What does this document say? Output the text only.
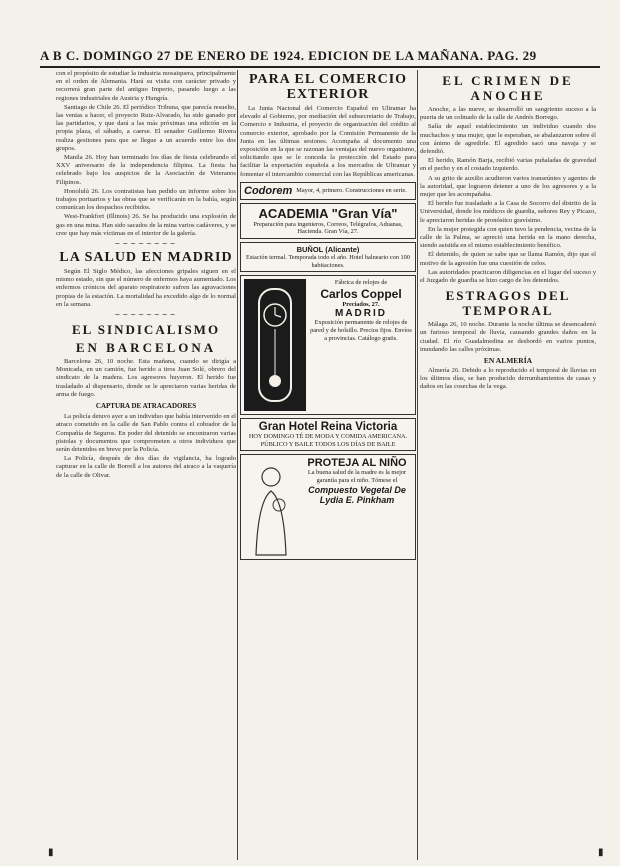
A B C. DOMINGO 27 DE ENERO DE 1924. EDICION DE LA MAÑANA. PAG. 29

con el propósito de estudiar la industria mosaiquera, principalmente en el orden de Alemania. Hará su visita con carácter privado y recorrerá gran parte del antiguo Imperio, pasando luego a las regiones industriales de Austria y Hungría.

Santiago de Chile 26. El periódico Tribuna, que parecía resuelto, las ventas a hacer, el proyecto Ruiz-Alvarado, ha sido ganado por las partidarios, y que dará a las más próximas una edición en la propia plaza, el sábado, a caerse. El senador Guillermo Rivera realiza gestiones para que se llegue a un acuerdo entre los dos grupos.

Manila 26. Hoy han terminado los días de fiesta celebrando el XXV aniversario de la independencia filipina. La fiesta ha celebrado bajo los auspicios de la Asociación de Veteranos Filipinos.

Honolulú 26. Los contratistas han pedido un informe sobre los trabajos portuarios y las obras que se verificarán en la bahía, según comunican los despachos recibidos.

West-Frankfort (Illinois) 26. Se ha producido una explosión de gas en una mina. Han sido sacados de la mina varios cadáveres, y se cree que hay más víctimas en el interior de la galería.

~~~~~~~~
LA SALUD EN MADRID

Según El Siglo Médico, las afecciones gripales siguen en el mismo estado, sin que el número de enfermos haya aumentado. Los enfermos crónicos del aparato respiratorio sufren las agravaciones propias de la estación. La mortalidad ha excedido algo de lo normal en la semana.

~~~~~~~~
EL SINDICALISMO
EN BARCELONA

Barcelona 26, 10 noche. Esta mañana, cuando se dirigía a Montcada, en un camión, fue herido a tiros Juan Solé, obrero del sindicato de la madera. Los agresores huyeron. El herido fue trasladado al dispensario, donde se le apreciaron varias heridas de arma de fuego.

CAPTURA DE ATRACADORES

La policía detuvo ayer a un individuo que había intervenido en el atraco cometido en la calle de San Pablo contra el cobrador de la Compañía de Seguros. En poder del detenido se encontraron varias pistolas y documentos que comprometen a otros individuos que serán detenidos en breve por la Policía.

La Policía, después de dos días de vigilancia, ha logrado capturar en la calle de Borrell a los autores del atraco a la vaquería de la calle de Olivar.

PARA EL COMERCIO EXTERIOR

La Junta Nacional del Comercio Español en Ultramar ha elevado al Gobierno, por mediación del subsecretario de Trabajo, Comercio e Industria, el proyecto de organización del crédito al comercio exterior, aprobado por la Comisión Permanente de la Junta en las últimas sesiones. Acompaña al documento una exposición en la que se razonan las ventajas del nuevo organismo, solicitando que se le conceda la protección del Estado para facilitar la exportación española a los mercados de Ultramar y fomentar el intercambio comercial con las Repúblicas americanas.

Codorem Mayor, 4, primero. Construcciones en serie.
ACADEMIA "Gran Vía"
Preparación para ingenieros, Correos, Telégrafos, Aduanas, Hacienda. Gran Vía, 27.
BUÑOL (Alicante)
Estación termal. Temporada todo el año. Hotel balneario con 100 habitaciones.
Fábrica de relojes de
Carlos Coppel
Preciados, 27.
MADRID
Exposición permanente de relojes de pared y de bolsillo. Precios fijos. Envíos a provincias. Catálogo gratis.
Gran Hotel Reina Victoria
HOY DOMINGO TÉ DE MODA Y COMIDA AMERICANA. PÚBLICO Y BAILE TODOS LOS DÍAS DE BAILE
PROTEJA AL NIÑO
La buena salud de la madre es la mejor garantía para el niño. Tómese el
Compuesto Vegetal De Lydia E. Pinkham
EL CRIMEN DE ANOCHE

Anoche, a las nueve, se desarrolló un sangriento suceso a la puerta de un colmado de la calle de Andrés Borrego.

Salía de aquel establecimiento un individuo cuando dos muchachos y una mujer, que le esperaban, se abalanzaron sobre él con ánimo de agredirle. El agredido sacó una navaja y se defendió.

El herido, Ramón Barja, recibió varias puñaladas de gravedad en el pecho y en el costado izquierdo.

A su grito de auxilio acudieron varios transeúntes y agentes de la autoridad, que lograron detener a uno de los agresores y a la mujer que les acompañaba.

El herido fue trasladado a la Casa de Socorro del distrito de la Universidad, donde los médicos de guardia, señores Rey y Picazo, le apreciaron heridas de pronóstico gravísimo.

En la mujer protegida con quien tuvo la pendencia, vecina de la calle de la Palma, se apreció una herida en la mano derecha, siendo asistida en el mismo establecimiento benéfico.

El detenido, de quien se sabe que se llama Ramón, dijo que el motivo de la agresión fue una cuestión de celos.

Las autoridades practicaron diligencias en el lugar del suceso y el Juzgado de guardia se hizo cargo de los detenidos.

ESTRAGOS DEL TEMPORAL

Málaga 26, 10 noche. Durante la noche última se desencadenó un furioso temporal de lluvia, causando grandes daños en la ciudad. El río Guadalmedina se desbordó en varios puntos, inundando las calles próximas.

EN ALMERÍA

Almería 26. Debido a lo reproducido el temporal de lluvias en los últimos días, se han producido derrumbamientos de casas y daños en las cosechas de la vega.

▮	▮
